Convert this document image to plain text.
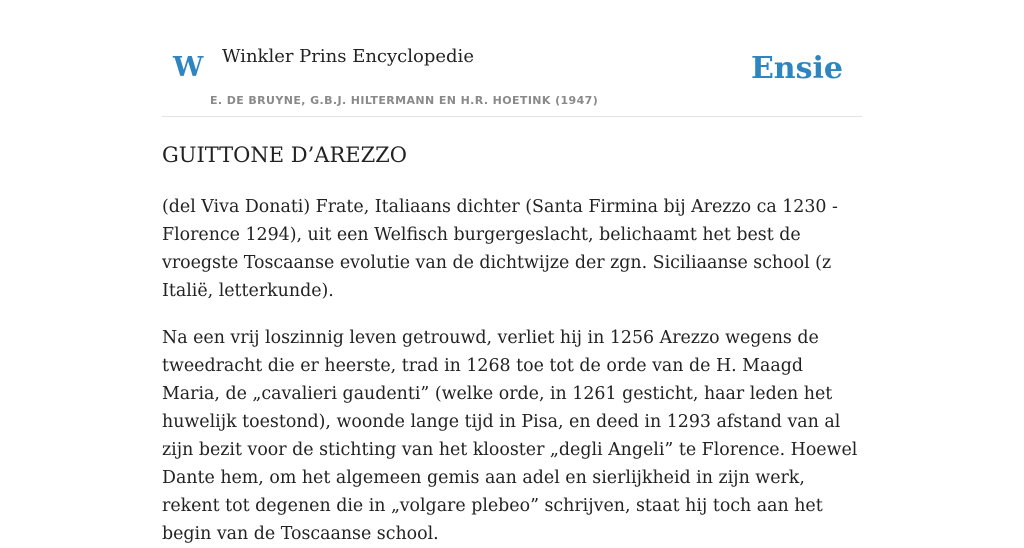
W Winkler Prins Encyclopedie
E. DE BRUYNE, G.B.J. HILTERMANN EN H.R. HOETINK (1947)
Ensie
GUITTONE D’AREZZO

(del Viva Donati) Frate, Italiaans dichter (Santa Firmina bij Arezzo ca 1230 - Florence 1294), uit een Welfisch burgergeslacht, belichaamt het best de vroegste Toscaanse evolutie van de dichtwijze der zgn. Siciliaanse school (z Italië, letterkunde).

Na een vrij loszinnig leven getrouwd, verliet hij in 1256 Arezzo wegens de tweedracht die er heerste, trad in 1268 toe tot de orde van de H. Maagd Maria, de „cavalieri gaudenti” (welke orde, in 1261 gesticht, haar leden het huwelijk toestond), woonde lange tijd in Pisa, en deed in 1293 afstand van al zijn bezit voor de stichting van het klooster „degli Angeli” te Florence. Hoewel Dante hem, om het algemeen gemis aan adel en sierlijkheid in zijn werk, rekent tot degenen die in „volgare plebeo” schrijven, staat hij toch aan het begin van de Toscaanse school.
